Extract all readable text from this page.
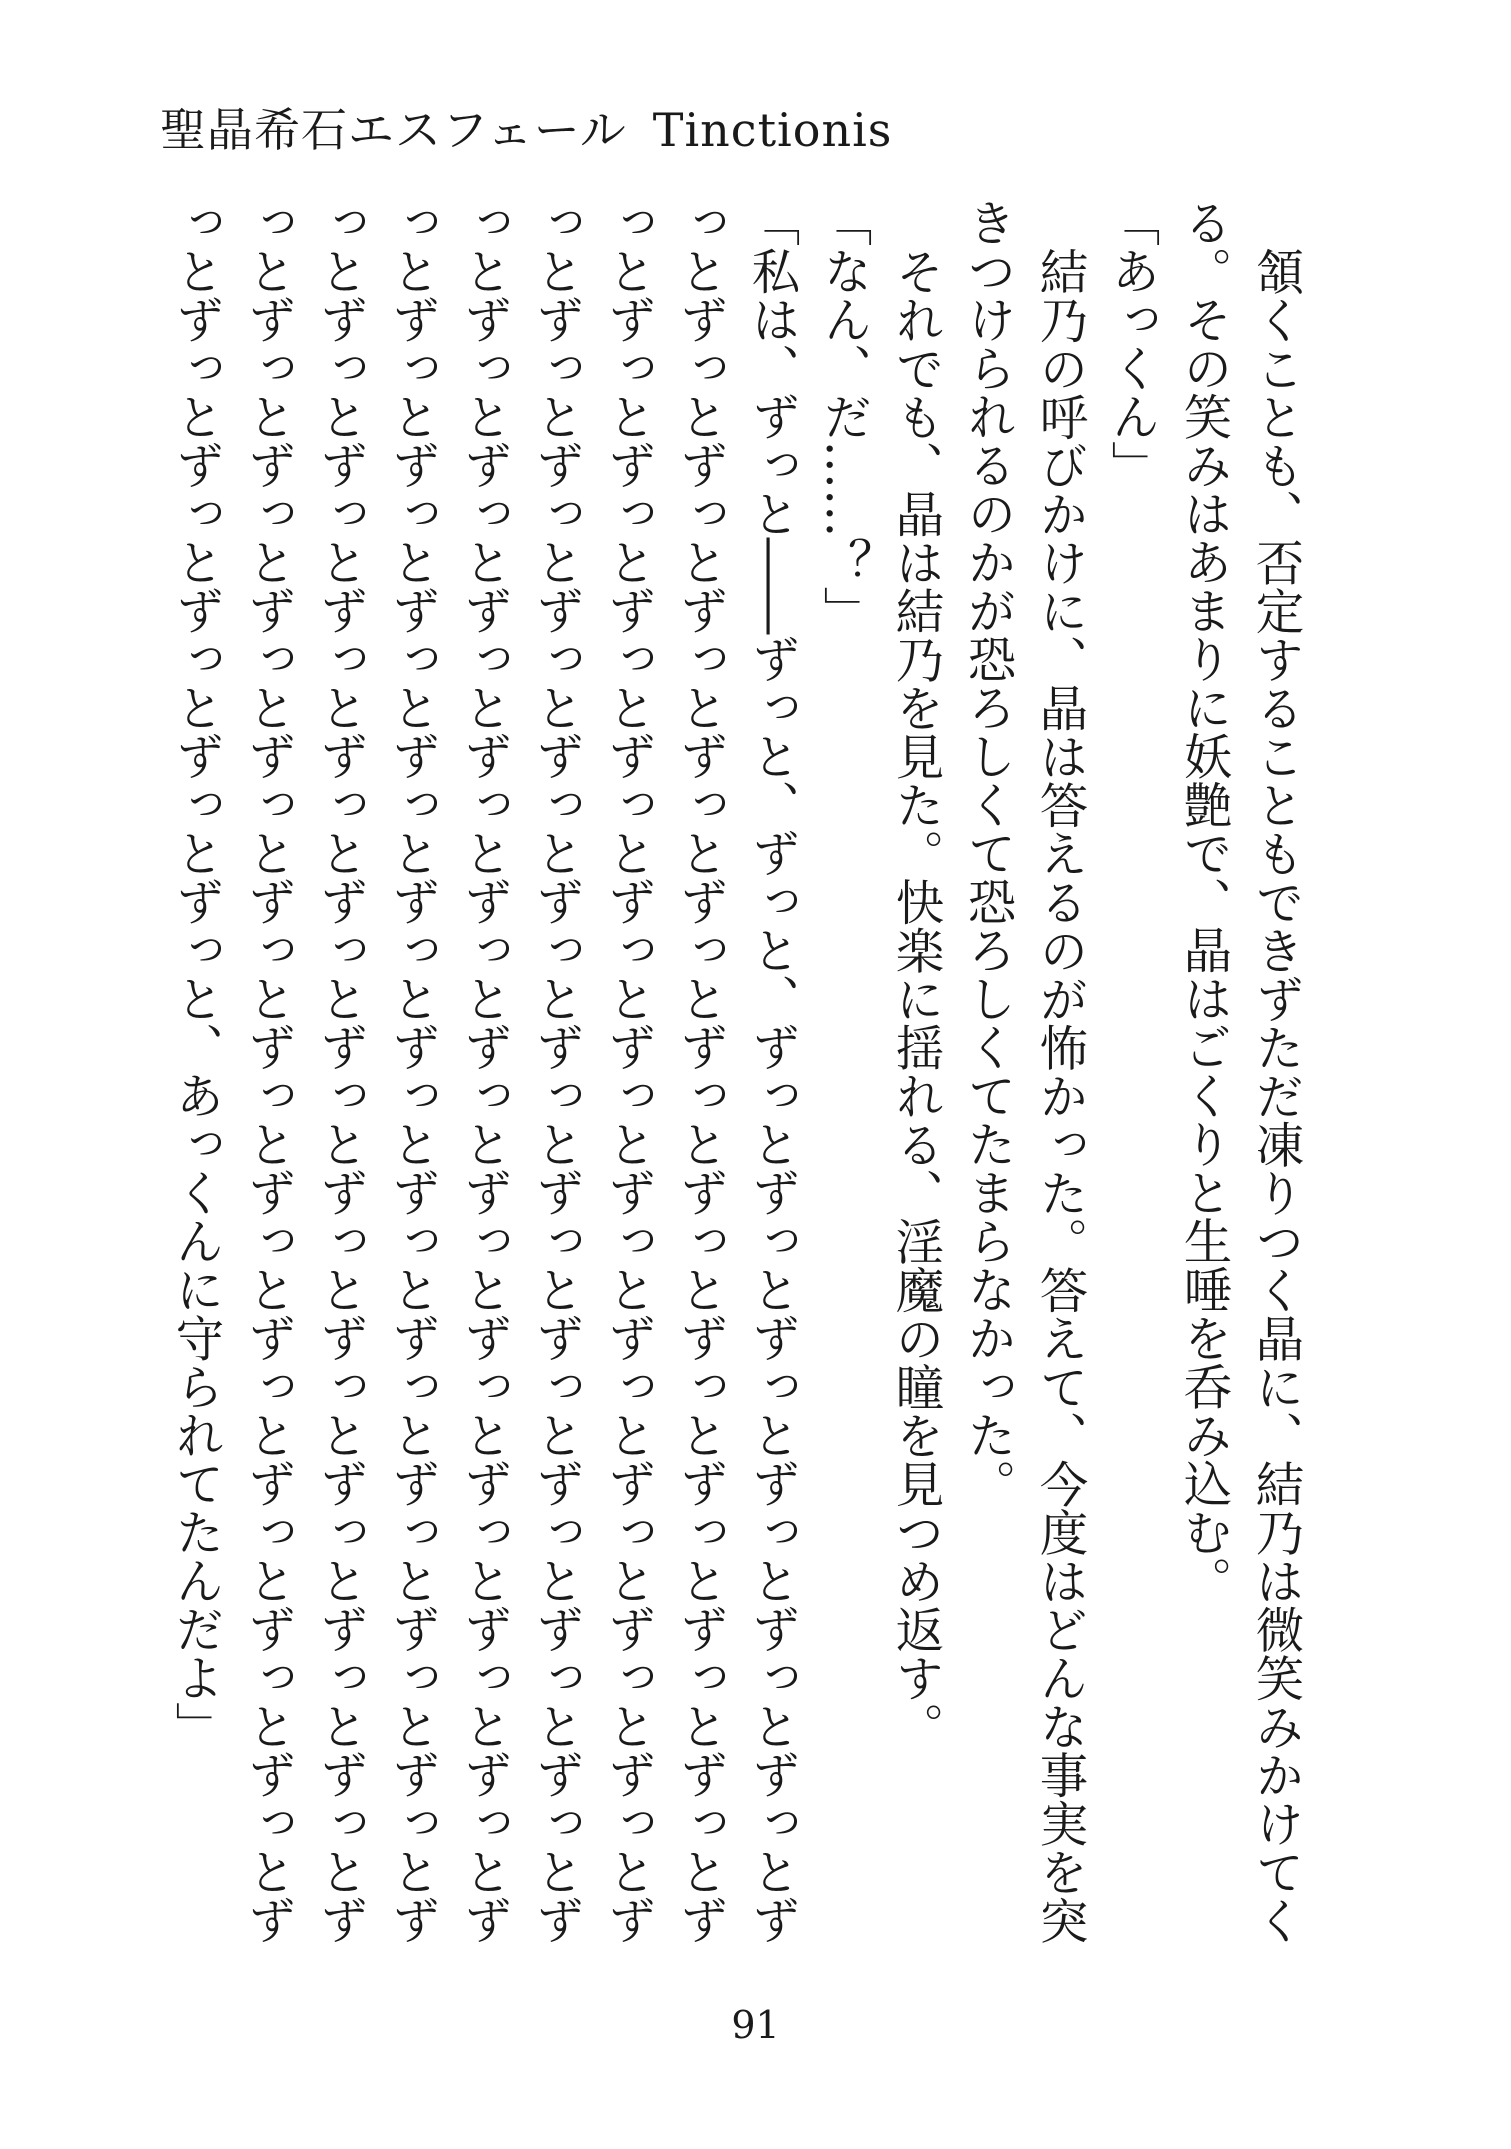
聖晶希石エスフェール Tinctionis

頷くことも、否定することもできずただ凍りつく晶に、結乃は微笑みかけてくる。その笑みはあまりに妖艶で、晶はごくりと生唾を呑み込む。

「あっくん」

結乃の呼びかけに、晶は答えるのが怖かった。答えて、今度はどんな事実を突きつけられるのかが恐ろしくて恐ろしくてたまらなかった。

それでも、晶は結乃を見た。快楽に揺れる、淫魔の瞳を見つめ返す。

「なん、だ……？」

「私は、ずっと――ずっと、ずっと、ずっとずっとずっとずっとずっとずっとずっとずっとずっとずっとずっとずっとずっとずっとずっとずっとずっとずっとずっとずっとずっとずっとずっとずっとずっとずっとずっとずっとずっとずっとずっとずっとずっとずっとずっとずっとずっとずっとずっとずっとずっとずっとずっとずっとずっとずっとずっとずっとずっとずっとずっとずっとずっとずっとずっとずっとずっとずっとずっとずっとずっとずっとずっとずっとずっとずっとずっとずっとずっとずっとずっとずっとずっとずっとずっとずっとずっとずっとずっとずっとずっとずっとずっとずっとずっとずっとずっとずっとずっとずっとずっとずっとずっとずっとずっとずっと、あっくんに守られてたんだよ」

91
